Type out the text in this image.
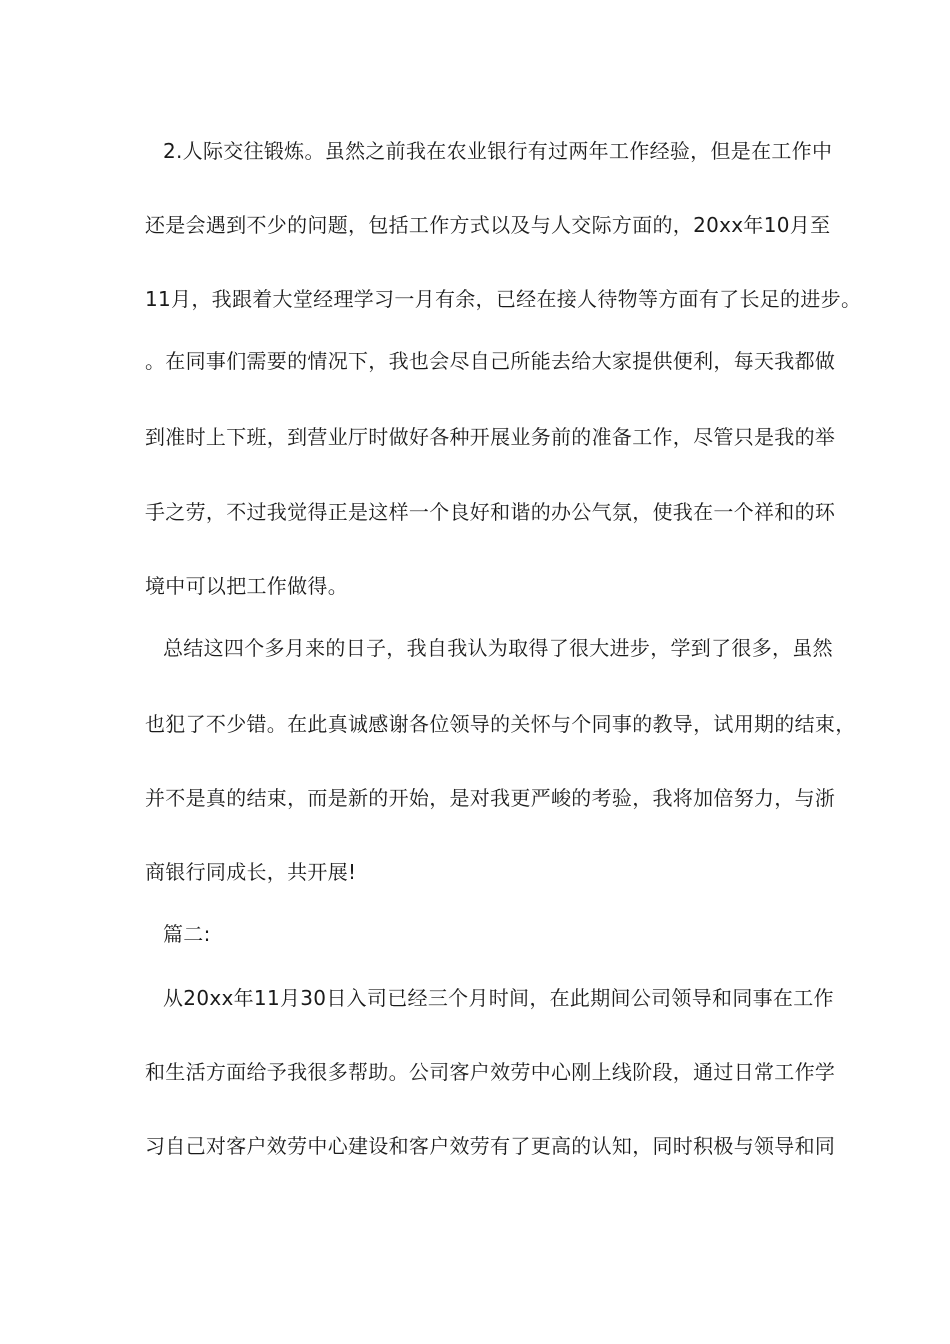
2.人际交往锻炼。虽然之前我在农业银行有过两年工作经验，但是在工作中
还是会遇到不少的问题，包括工作方式以及与人交际方面的，20xx年10月至
11月，我跟着大堂经理学习一月有余，已经在接人待物等方面有了长足的进步。
。在同事们需要的情况下，我也会尽自己所能去给大家提供便利，每天我都做
到准时上下班，到营业厅时做好各种开展业务前的准备工作，尽管只是我的举
手之劳，不过我觉得正是这样一个良好和谐的办公气氛，使我在一个祥和的环
境中可以把工作做得。
总结这四个多月来的日子，我自我认为取得了很大进步，学到了很多，虽然
也犯了不少错。在此真诚感谢各位领导的关怀与个同事的教导，试用期的结束，
并不是真的结束，而是新的开始，是对我更严峻的考验，我将加倍努力，与浙
商银行同成长，共开展!
篇二:
从20xx年11月30日入司已经三个月时间，在此期间公司领导和同事在工作
和生活方面给予我很多帮助。公司客户效劳中心刚上线阶段，通过日常工作学
习自己对客户效劳中心建设和客户效劳有了更高的认知，同时积极与领导和同
